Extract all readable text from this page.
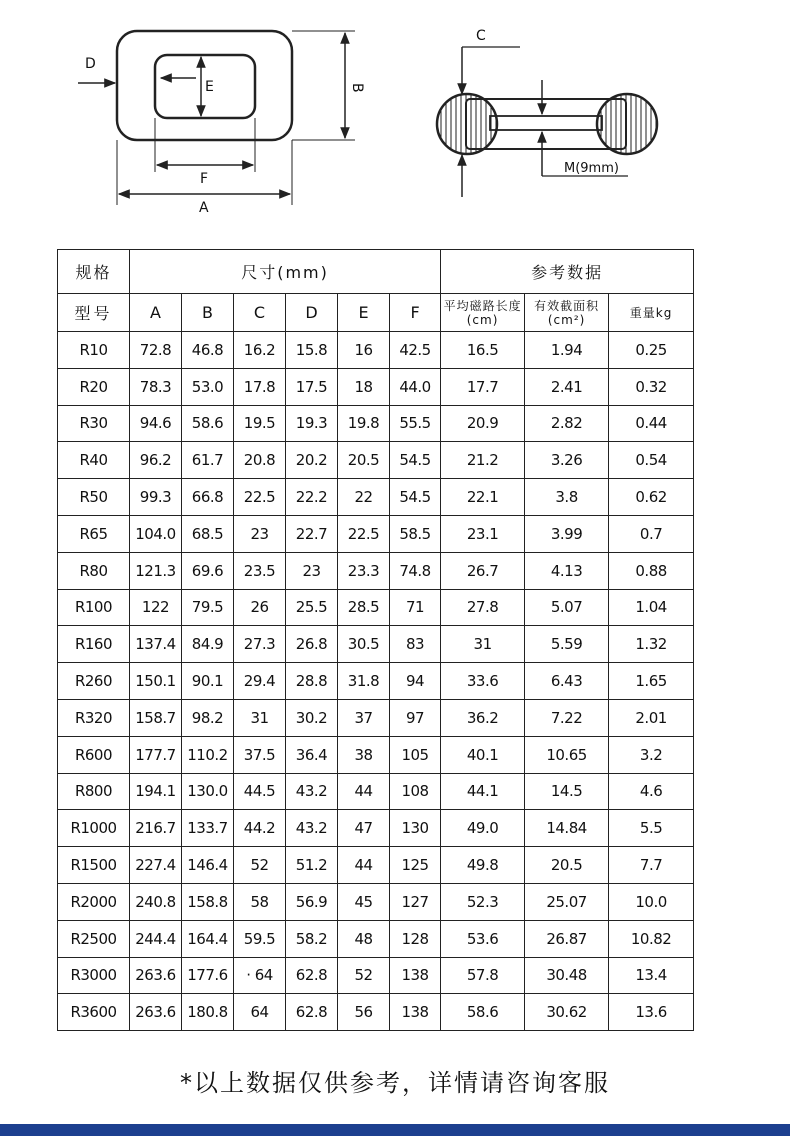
D
E	B
F
A
C
M(9mm)
规格	尺寸(mm)						参考数据		
型号	A	B	C	D	E	F	平均磁路长度(cm)	有效截面积(cm²)	重量kg
R10	72.8	46.8	16.2	15.8	16	42.5	16.5	1.94	0.25
R20	78.3	53.0	17.8	17.5	18	44.0	17.7	2.41	0.32
R30	94.6	58.6	19.5	19.3	19.8	55.5	20.9	2.82	0.44
R40	96.2	61.7	20.8	20.2	20.5	54.5	21.2	3.26	0.54
R50	99.3	66.8	22.5	22.2	22	54.5	22.1	3.8	0.62
R65	104.0	68.5	23	22.7	22.5	58.5	23.1	3.99	0.7
R80	121.3	69.6	23.5	23	23.3	74.8	26.7	4.13	0.88
R100	122	79.5	26	25.5	28.5	71	27.8	5.07	1.04
R160	137.4	84.9	27.3	26.8	30.5	83	31	5.59	1.32
R260	150.1	90.1	29.4	28.8	31.8	94	33.6	6.43	1.65
R320	158.7	98.2	31	30.2	37	97	36.2	7.22	2.01
R600	177.7	110.2	37.5	36.4	38	105	40.1	10.65	3.2
R800	194.1	130.0	44.5	43.2	44	108	44.1	14.5	4.6
R1000	216.7	133.7	44.2	43.2	47	130	49.0	14.84	5.5
R1500	227.4	146.4	52	51.2	44	125	49.8	20.5	7.7
R2000	240.8	158.8	58	56.9	45	127	52.3	25.07	10.0
R2500	244.4	164.4	59.5	58.2	48	128	53.6	26.87	10.82
R3000	263.6	177.6	· 64	62.8	52	138	57.8	30.48	13.4
R3600	263.6	180.8	64	62.8	56	138	58.6	30.62	13.6
*以上数据仅供参考，详情请咨询客服
